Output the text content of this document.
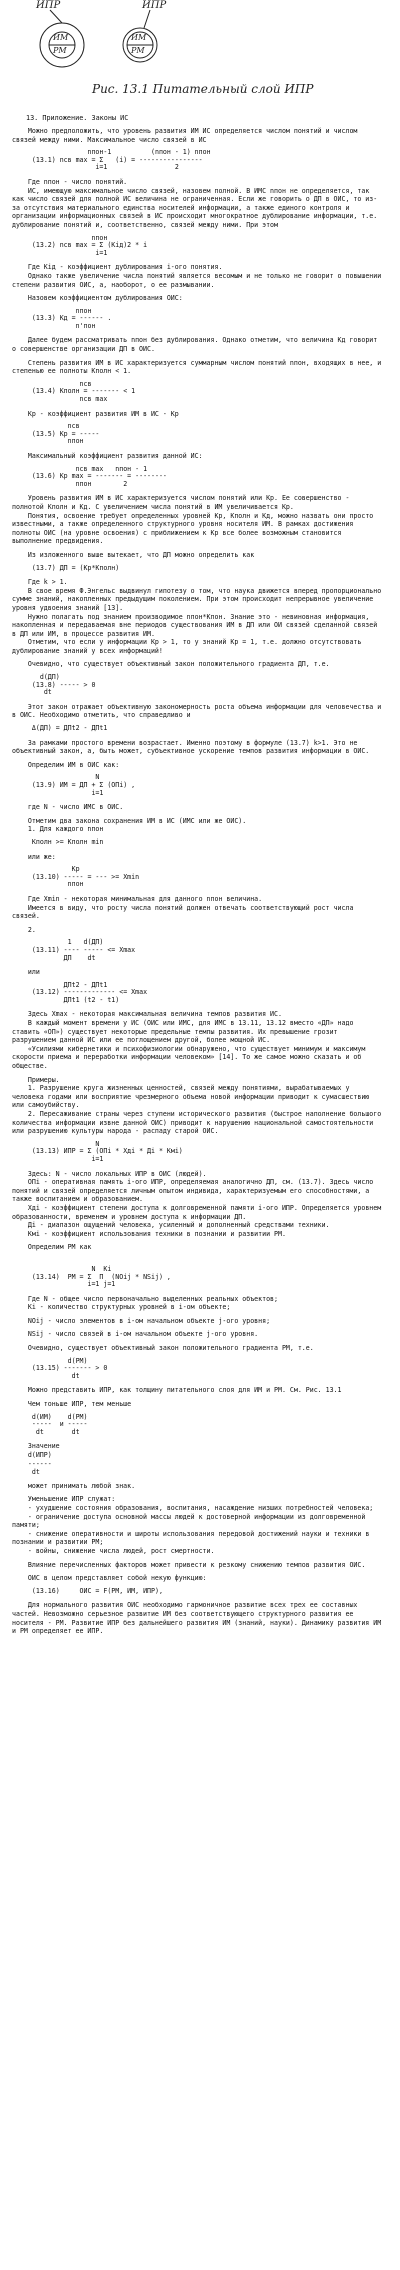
ИПР	ИПР
ИМ
РМ
ИМ
РМ
Рис. 13.1 Питательный слой ИПР
13. Приложение. Законы ИС
Можно предположить, что уровень развития ИМ ИС определяется числом понятий и числом связей между ними. Максимальное число связей в ИС
nпон-1          (nпон - 1) nпон
(13.1) nсв max = Σ   (i) = ----------------
i=1                 2
Где nпон - число понятий.
ИС, имеющую максимальное число связей, назовем полной. В ИМС nпон не определяется, так как число связей для полной ИС величина не ограниченная. Если же говорить о ДП в ОИС, то из-за отсутствия материального единства носителей информации, а также единого контроля и организации информационных связей в ИС происходит многократное дублирование информации, т.е. дублирование понятий и, соответственно, связей между ними. При этом
nпон
(13.2) nсв max = Σ (Kiд)2 * i
i=1
Где Kiд - коэффициент дублирования i-ого понятия.
Однако также увеличение числа понятий является весомым и не только не говорит о повышении степени развития ОИС, а, наоборот, о ее размывании.
Назовем коэффициентом дублирования ОИС:
nпон
(13.3) Kд = ------ .
n'пон
Далее будем рассматривать nпон без дублирования. Однако отметим, что величина Kд говорит о совершенстве организации ДП в ОИС.
Степень развития ИМ в ИС характеризуется суммарным числом понятий nпон, входящих в нее, и степенью ее полноты Kполн < 1.
nсв
(13.4) Kполн = ------- < 1
nсв max
Kр - коэффициент развития ИМ в ИС - Kр
nсв
(13.5) Kр = -----
nпон
Максимальный коэффициент развития данной ИС:
nсв max   nпон - 1
(13.6) Kр max = ------- = --------
nпон        2
Уровень развития ИМ в ИС характеризуется числом понятий или Kр. Ее совершенство - полнотой Kполн и Kд. С увеличением числа понятий в ИМ увеличивается Kр.
Понятия, освоение требует определенных уровней Kр, Kполн и Kд, можно назвать они просто известными, а также определенного структурного уровня носителя ИМ. В рамках достижения полноты ОИС (на уровне освоения) с приближением к Kр все более возможным становится выполнение предвидения.
Из изложенного выше вытекает, что ДП можно определить как
(13.7) ДП = (Kр*Kполн)
Где k > 1.
В свое время Ф.Энгельс выдвинул гипотезу о том, что наука движется вперед пропорционально сумме знаний, накопленных предыдущим поколением. При этом происходит непрерывное увеличение уровня удвоения знаний [13].
Нужно полагать под знанием производимое nпон*Kпон. Знание это - невиновная информация, накопленная и передаваемая вне периодов существования ИМ в ДП или ОИ связей сделанной связей в ДП или ИМ, в процессе развития ИМ.
Отметим, что если у информации Kр > 1, то у знаний Kр = 1, т.е. должно отсутствовать дублирование знаний у всех информаций!
Очевидно, что существует объективный закон положительного градиента ДП, т.е.
d(ДП)
(13.8) ----- > 0
dt
Этот закон отражает объективную закономерность роста объема информации для человечества и в ОИС. Необходимо отметить, что справедливо и
Δ(ДП) = ДПt2 - ДПt1
За рамками простого времени возрастает. Именно поэтому в формуле (13.7) k>1. Это не объективный закон, а, быть может, субъективное ускорение темпов развития информации в ОИС.
Определим ИМ в ОИС как:
N
(13.9) ИМ = ДП + Σ (ОПi) ,
i=1
где N - число ИМС в ОИС.
Отметим два закона сохранения ИМ в ИС (ИМС или же ОИС).
1. Для каждого nпон
Kполн >= Kполн min
или же:
Kр
(13.10) ----- = --- >= Xmin
nпон
Где Xmin - некоторая минимальная для данного nпон величина.
Имеется в виду, что росту числа понятий должен отвечать соответствующий рост числа связей.
2.
1   d(ДП)
(13.11) ---- ----- <= Xmax
ДП    dt
или
ДПt2 - ДПt1
(13.12) ------------- <= Xmax
ДПt1 (t2 - t1)
Здесь Xmax - некоторая максимальная величина темпов развития ИС.
В каждый момент времени у ИС (ОИС или ИМС, для ИМС в 13.11, 13.12 вместо «ДП» надо ставить «ОП») существует некоторые предельные темпы развития. Их превышение грозит разрушением данной ИС или ее поглощением другой, более мощной ИС.
«Усилиями кибернетики и психофизиологии обнаружено, что существует минимум и максимум скорости приема и переработки информации человеком» [14]. То же самое можно сказать и об обществе.
Примеры.
1. Разрушение круга жизненных ценностей, связей между понятиями, вырабатываемых у человека годами или восприятие чрезмерного объема новой информации приводит к сумасшествию или самоубийству.
2. Пересаживание страны через ступени исторического развития (быстрое наполнение большого количества информации извне данной ОИС) приводит к нарушению национальной самостоятельности или разрушению культуры народа - распаду старой ОИС.
N
(13.13) ИПР = Σ (ОПi * Xдi * Дi * Кмi)
i=1
Здесь: N - число локальных ИПР в ОИС (людей).
ОПi - оперативная память i-ого ИПР, определяемая аналогично ДП, см. (13.7). Здесь число понятий и связей определяется личным опытом индивида, характеризуемым его способностями, а также воспитанием и образованием.
Xдi - коэффициент степени доступа к долговременной памяти i-ого ИПР. Определяется уровнем образованности, временем и уровнем доступа к информации ДП.
Дi - диапазон ощущений человека, усиленный и дополненный средствами техники.
Кмi - коэффициент использования техники в познании и развитии РМ.
Определим РМ как
N  Ki
(13.14)  РМ = Σ  Π  (NOij * NSij) ,
i=1 j=1
Где N - общее число первоначально выделенных реальных объектов;
Ki - количество структурных уровней в i-ом объекте;
NOij - число элементов в i-ом начальном объекте j-ого уровня;
NSij - число связей в i-ом начальном объекте j-ого уровня.
Очевидно, существует объективный закон положительного градиента РМ, т.е.
d(РМ)
(13.15) ------- > 0
dt
Можно представить ИПР, как толщину питательного слоя для ИМ и РМ. См. Рис. 13.1
Чем тоньше ИПР, тем меньше
d(ИМ)    d(РМ)
-----  и -----
dt       dt
Значение
d(ИПР)
------
dt
может принимать любой знак.
Уменьшение ИПР служат:
- ухудшение состояния образования, воспитания, насаждение низших потребностей человека;
- ограничение доступа основной массы людей к достоверной информации из долговременной памяти;
- снижение оперативности и широты использования передовой достижений науки и техники в познании и развитии РМ;
- войны, снижение числа людей, рост смертности.
Влияние перечисленных факторов может привести к резкому снижению темпов развития ОИС.
ОИС в целом представляет собой некую функцию:
(13.16)     ОИС = F(РМ, ИМ, ИПР),
Для нормального развития ОИС необходимо гармоничное развитие всех трех ее составных частей. Невозможно серьезное развитие ИМ без соответствующего структурного развития ее носителя - РМ. Развитие ИПР без дальнейшего развития ИМ (знаний, науки). Динамику развития ИМ и РМ определяет ее ИПР.
